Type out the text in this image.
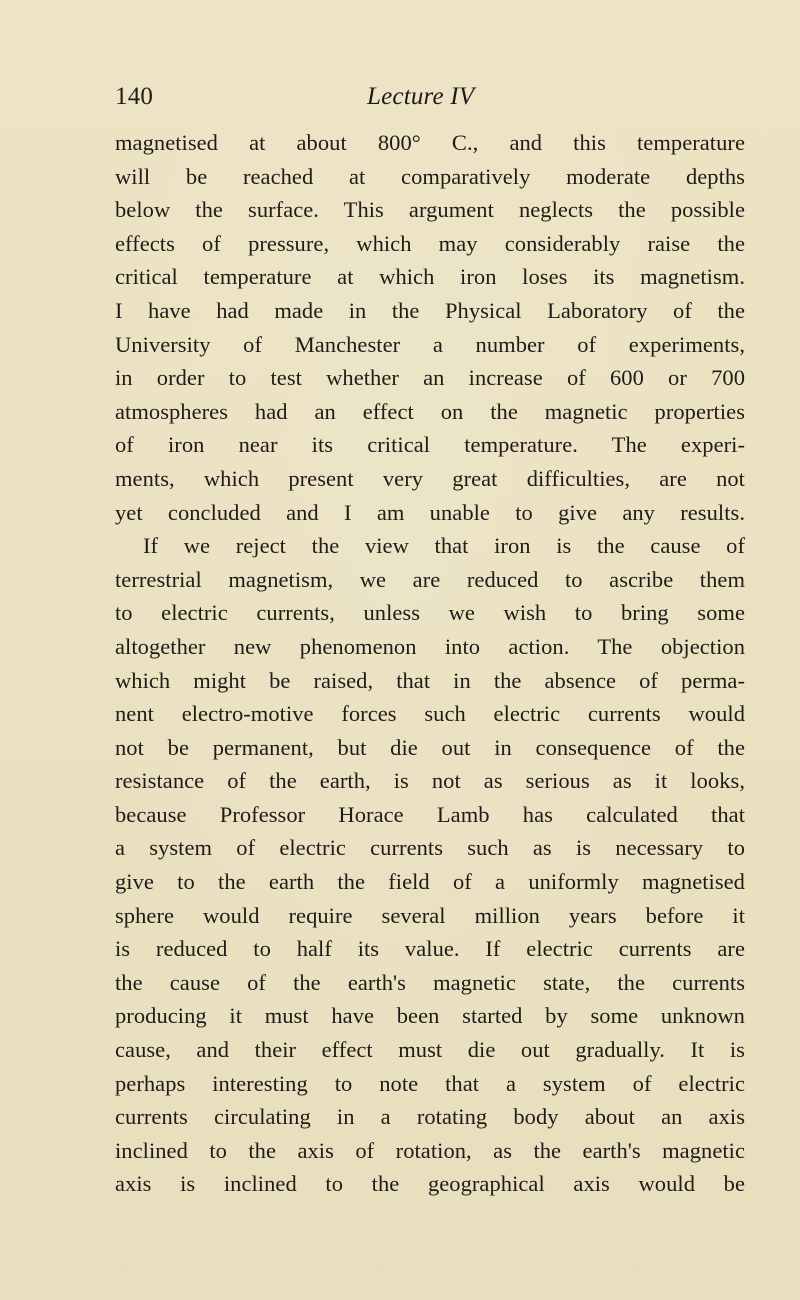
140	Lecture IV
magnetised at about 800° C., and this temperature
will be reached at comparatively moderate depths
below the surface. This argument neglects the possible
effects of pressure, which may considerably raise the
critical temperature at which iron loses its magnetism.
I have had made in the Physical Laboratory of the
University of Manchester a number of experiments,
in order to test whether an increase of 600 or 700
atmospheres had an effect on the magnetic properties
of iron near its critical temperature. The experi-
ments, which present very great difficulties, are not
yet concluded and I am unable to give any results.
If we reject the view that iron is the cause of
terrestrial magnetism, we are reduced to ascribe them
to electric currents, unless we wish to bring some
altogether new phenomenon into action. The objection
which might be raised, that in the absence of perma-
nent electro-motive forces such electric currents would
not be permanent, but die out in consequence of the
resistance of the earth, is not as serious as it looks,
because Professor Horace Lamb has calculated that
a system of electric currents such as is necessary to
give to the earth the field of a uniformly magnetised
sphere would require several million years before it
is reduced to half its value. If electric currents are
the cause of the earth's magnetic state, the currents
producing it must have been started by some unknown
cause, and their effect must die out gradually. It is
perhaps interesting to note that a system of electric
currents circulating in a rotating body about an axis
inclined to the axis of rotation, as the earth's magnetic
axis is inclined to the geographical axis would be
